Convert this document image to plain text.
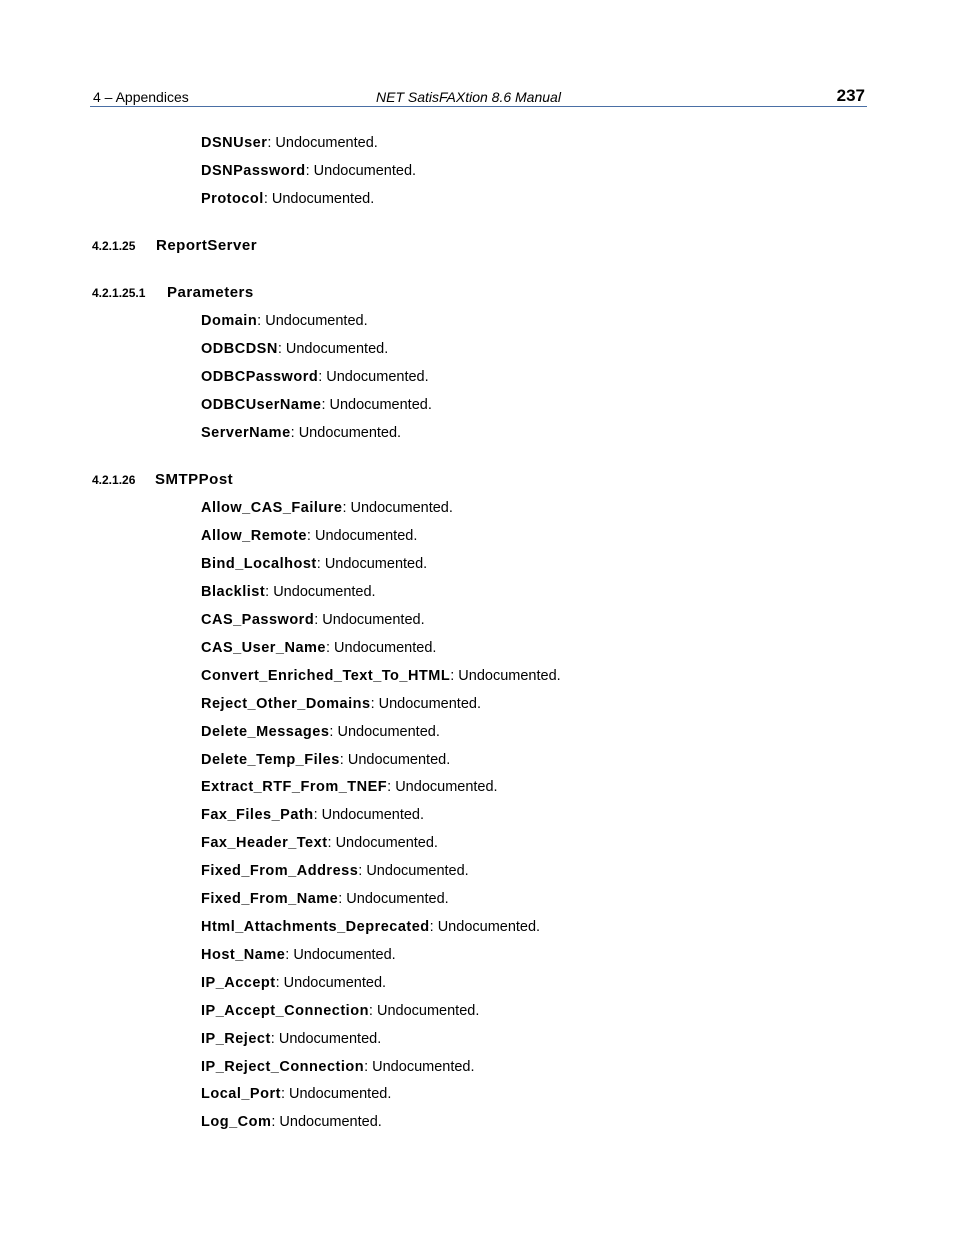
4 – Appendices	NET SatisFAXtion 8.6 Manual	237
DSNUser: Undocumented.
DSNPassword: Undocumented.
Protocol: Undocumented.
4.2.1.25 ReportServer
4.2.1.25.1 Parameters
Domain: Undocumented.
ODBCDSN: Undocumented.
ODBCPassword: Undocumented.
ODBCUserName: Undocumented.
ServerName: Undocumented.
4.2.1.26 SMTPPost
Allow_CAS_Failure: Undocumented.
Allow_Remote: Undocumented.
Bind_Localhost: Undocumented.
Blacklist: Undocumented.
CAS_Password: Undocumented.
CAS_User_Name: Undocumented.
Convert_Enriched_Text_To_HTML: Undocumented.
Reject_Other_Domains: Undocumented.
Delete_Messages: Undocumented.
Delete_Temp_Files: Undocumented.
Extract_RTF_From_TNEF: Undocumented.
Fax_Files_Path: Undocumented.
Fax_Header_Text: Undocumented.
Fixed_From_Address: Undocumented.
Fixed_From_Name: Undocumented.
Html_Attachments_Deprecated: Undocumented.
Host_Name: Undocumented.
IP_Accept: Undocumented.
IP_Accept_Connection: Undocumented.
IP_Reject: Undocumented.
IP_Reject_Connection: Undocumented.
Local_Port: Undocumented.
Log_Com: Undocumented.
